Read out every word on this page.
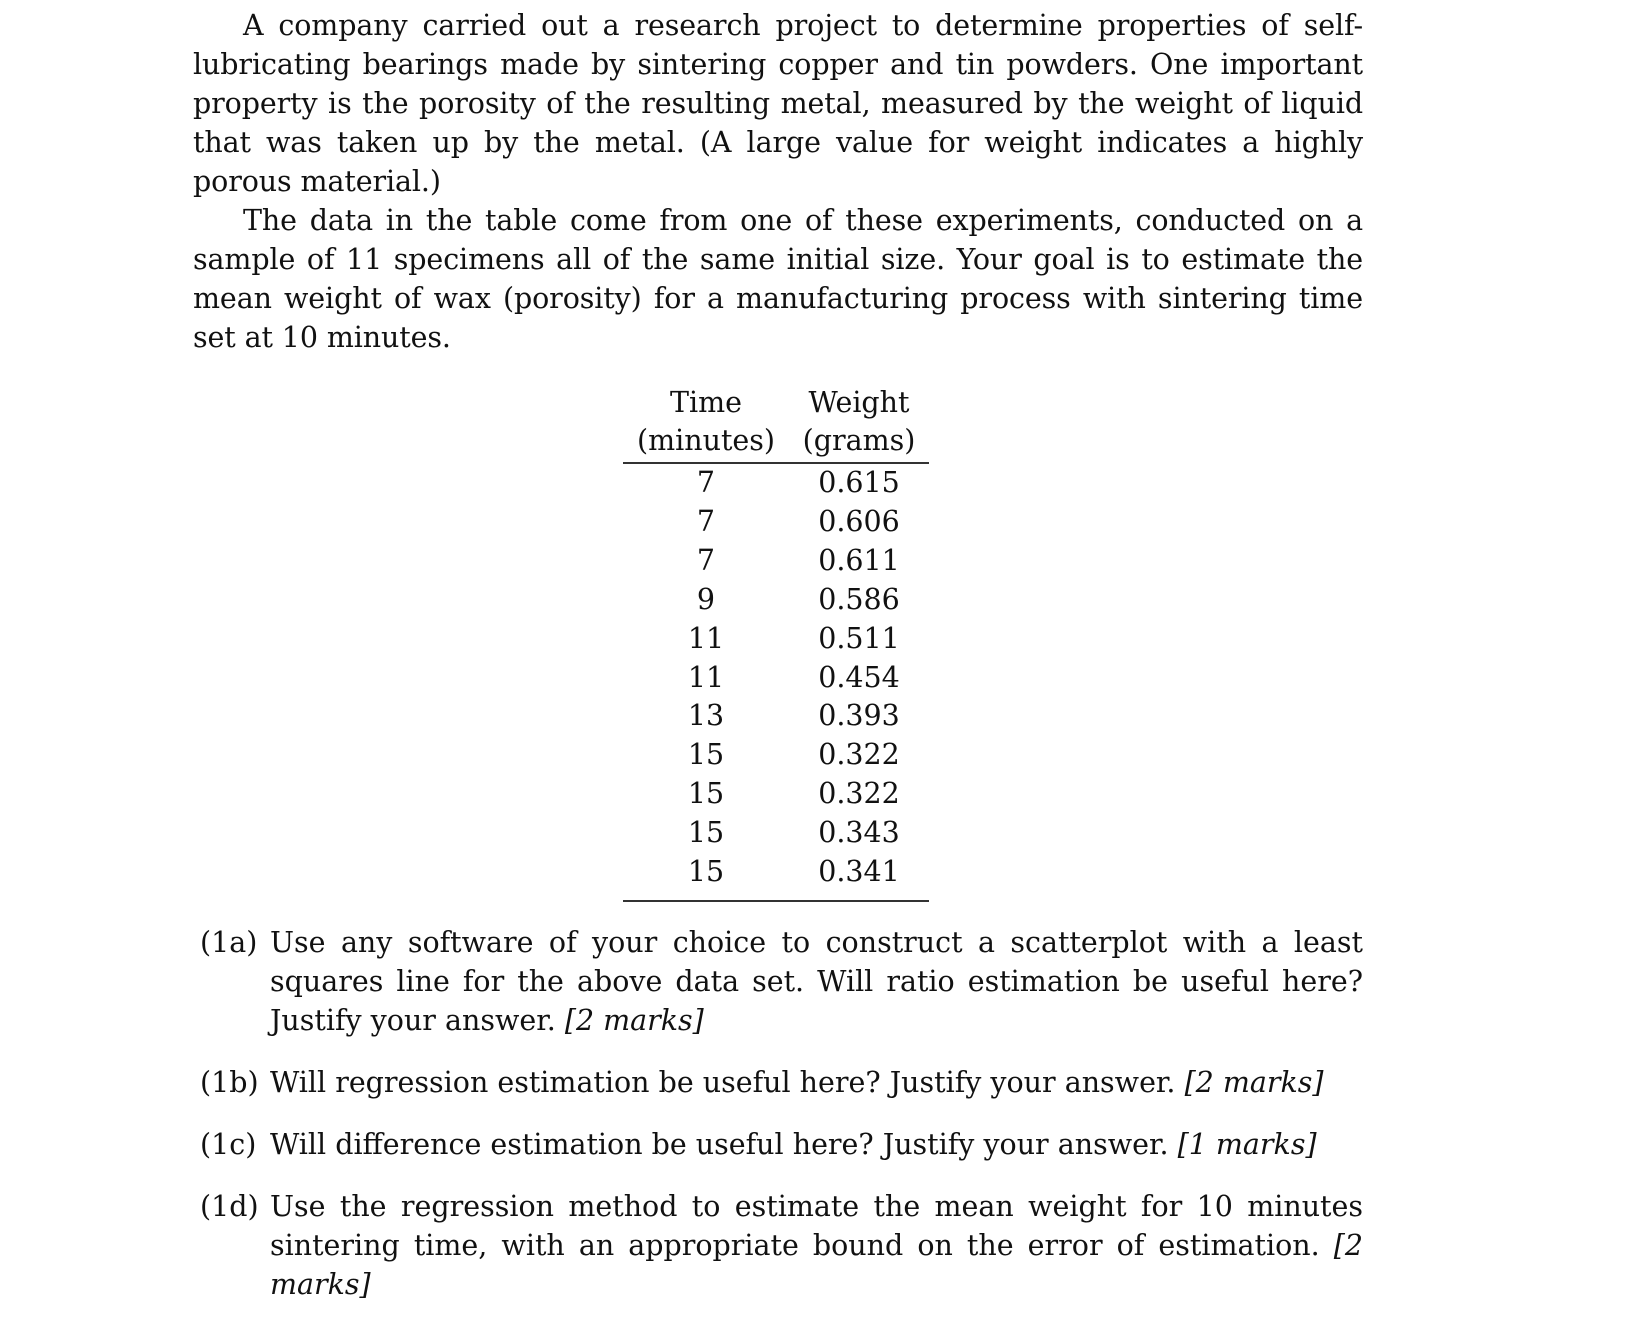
A company carried out a research project to determine properties of self-lubricating bearings made by sintering copper and tin powders. One important property is the porosity of the resulting metal, measured by the weight of liquid that was taken up by the metal. (A large value for weight indicates a highly porous material.)

The data in the table come from one of these experiments, conducted on a sample of 11 specimens all of the same initial size. Your goal is to estimate the mean weight of wax (porosity) for a manufacturing process with sintering time set at 10 minutes.

Time	Weight
(minutes)	(grams)
7	0.615
7	0.606
7	0.611
9	0.586
11	0.511
11	0.454
13	0.393
15	0.322
15	0.322
15	0.343
15	0.341
(1a) Use any software of your choice to construct a scatterplot with a least squares line for the above data set. Will ratio estimation be useful here? Justify your answer. [2 marks]
(1b) Will regression estimation be useful here? Justify your answer. [2 marks]
(1c) Will difference estimation be useful here? Justify your answer. [1 marks]
(1d) Use the regression method to estimate the mean weight for 10 minutes sintering time, with an appropriate bound on the error of estimation. [2 marks]
